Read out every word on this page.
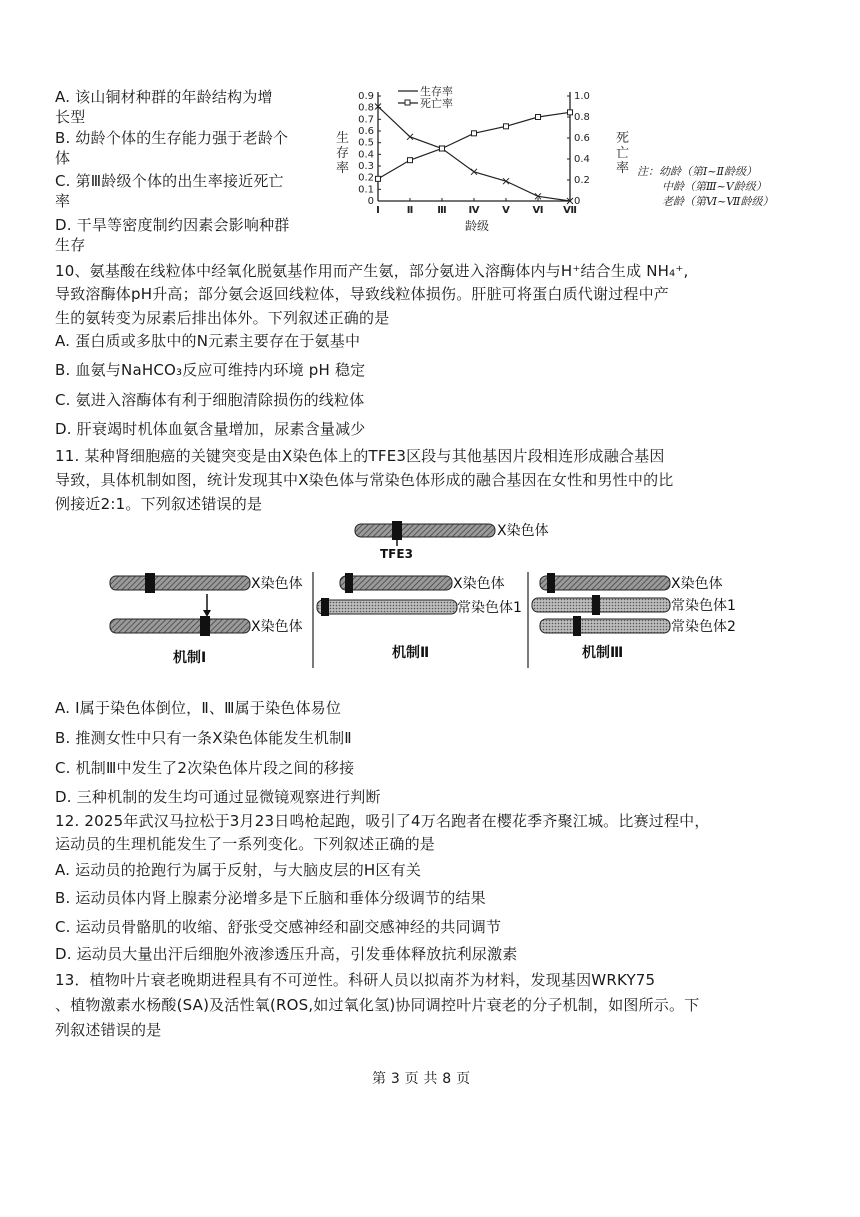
A. 该山铜材种群的年龄结构为增
长型
B. 幼龄个体的生存能力强于老龄个
体
C. 第Ⅲ龄级个体的出生率接近死亡
率
D. 干旱等密度制约因素会影响种群
生存
0
0.1
0.2
0.3
0.4
0.5
0.6
0.7
0.8
0.9
0
0.2
0.4
0.6
0.8
1.0
Ⅰ	Ⅱ Ⅲ Ⅳ Ⅴ Ⅵ Ⅶ
生存率
死亡率
生
存
率
死
亡
率
龄级
注：幼龄（第Ⅰ~Ⅱ龄级）
中龄（第Ⅲ~Ⅴ龄级）
老龄（第Ⅵ~Ⅶ龄级）
10、氨基酸在线粒体中经氧化脱氨基作用而产生氨，部分氨进入溶酶体内与H⁺结合生成 NH₄⁺,
导致溶酶体pH升高；部分氨会返回线粒体，导致线粒体损伤。肝脏可将蛋白质代谢过程中产
生的氨转变为尿素后排出体外。下列叙述正确的是
A. 蛋白质或多肽中的N元素主要存在于氨基中
B. 血氨与NaHCO₃反应可维持内环境 pH 稳定
C. 氨进入溶酶体有利于细胞清除损伤的线粒体
D. 肝衰竭时机体血氨含量增加，尿素含量减少
11. 某种肾细胞癌的关键突变是由X染色体上的TFE3区段与其他基因片段相连形成融合基因
导致，具体机制如图，统计发现其中X染色体与常染色体形成的融合基因在女性和男性中的比
例接近2:1。下列叙述错误的是
X染色体
TFE3
X染色体
X染色体
机制Ⅰ
X染色体
常染色体1
机制Ⅱ
X染色体
常染色体1
常染色体2
机制Ⅲ
A. I属于染色体倒位，Ⅱ、Ⅲ属于染色体易位
B. 推测女性中只有一条X染色体能发生机制Ⅱ
C. 机制Ⅲ中发生了2次染色体片段之间的移接
D. 三种机制的发生均可通过显微镜观察进行判断
12. 2025年武汉马拉松于3月23日鸣枪起跑，吸引了4万名跑者在樱花季齐聚江城。比赛过程中，
运动员的生理机能发生了一系列变化。下列叙述正确的是
A. 运动员的抢跑行为属于反射，与大脑皮层的H区有关
B. 运动员体内肾上腺素分泌增多是下丘脑和垂体分级调节的结果
C. 运动员骨骼肌的收缩、舒张受交感神经和副交感神经的共同调节
D. 运动员大量出汗后细胞外液渗透压升高，引发垂体释放抗利尿激素
13．植物叶片衰老晚期进程具有不可逆性。科研人员以拟南芥为材料，发现基因WRKY75
、植物激素水杨酸(SA)及活性氧(ROS,如过氧化氢)协同调控叶片衰老的分子机制，如图所示。下
列叙述错误的是
第 3 页 共 8 页
